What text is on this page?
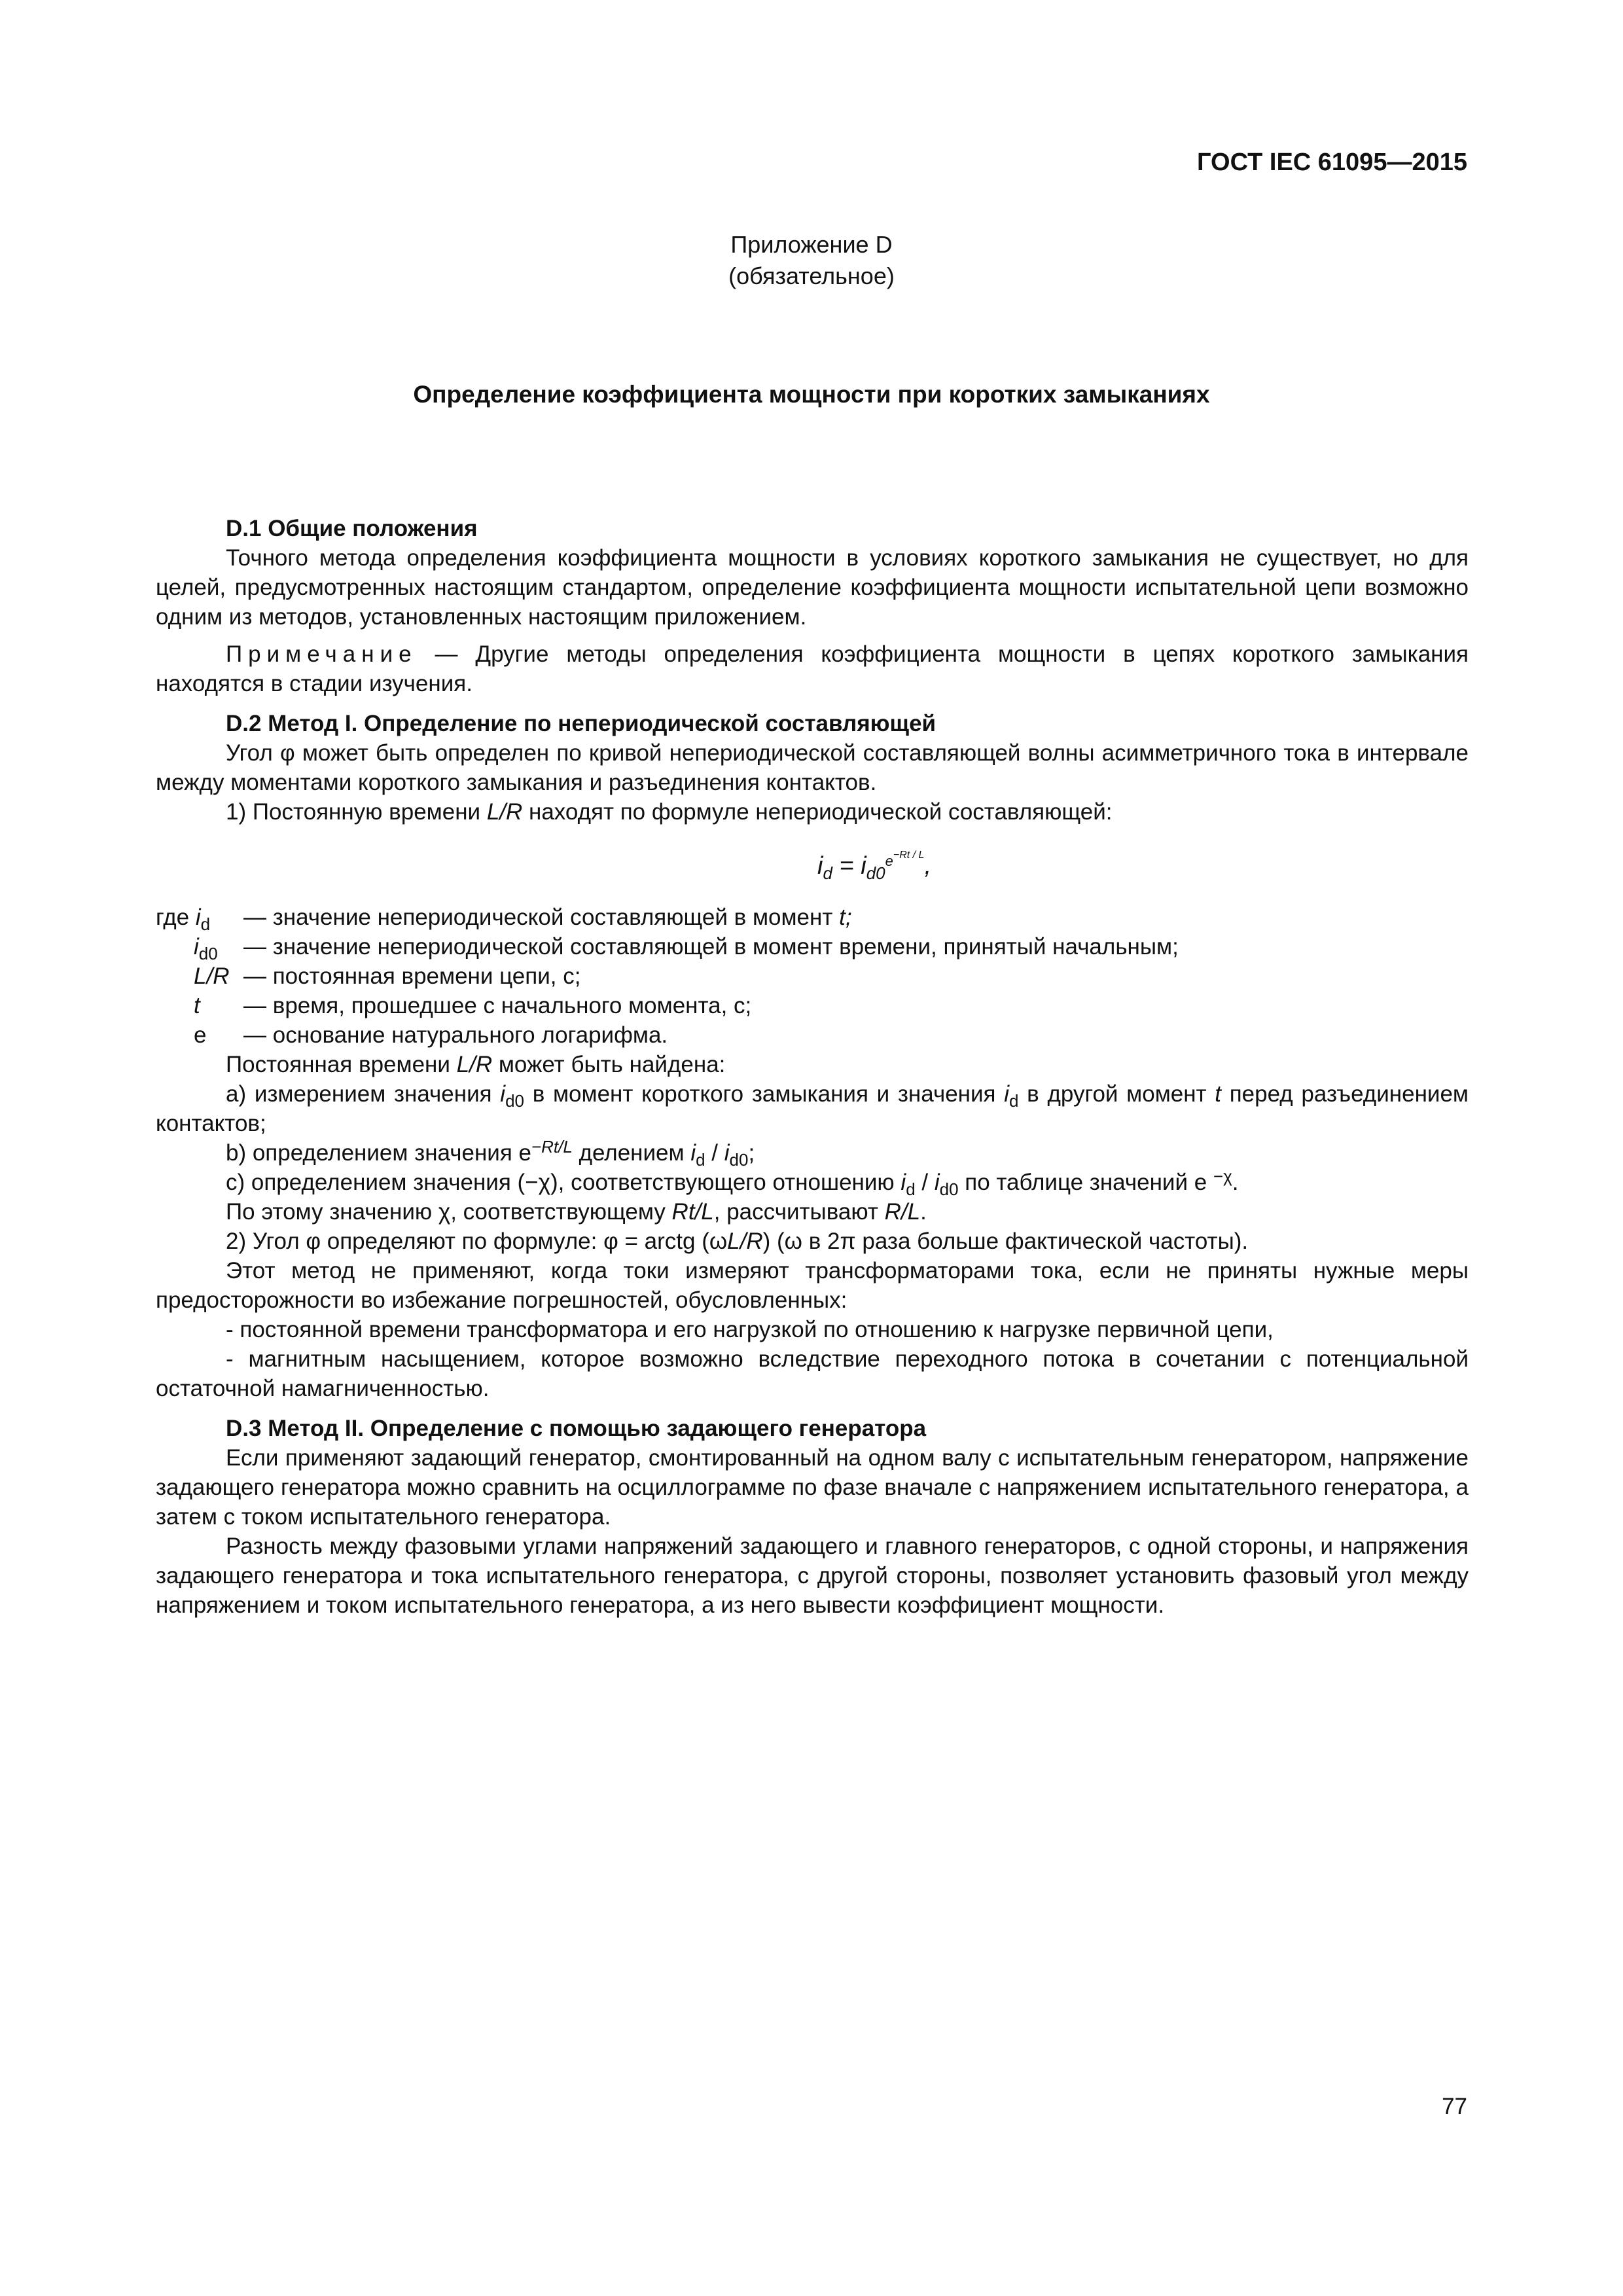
ГОСТ IEC 61095—2015
Приложение D
(обязательное)
Определение коэффициента мощности при коротких замыканиях
D.1 Общие положения
Точного метода определения коэффициента мощности в условиях короткого замыкания не существует, но для целей, предусмотренных настоящим стандартом, определение коэффициента мощности испытательной цепи возможно одним из методов, установленных настоящим приложением.
Примечание — Другие методы определения коэффициента мощности в цепях короткого замыкания находятся в стадии изучения.
D.2 Метод I. Определение по непериодической составляющей
Угол φ может быть определен по кривой непериодической составляющей волны асимметричного тока в интервале между моментами короткого замыкания и разъединения контактов.
1) Постоянную времени L/R находят по формуле непериодической составляющей:
$i_d = i_{d0}^{e^{-Rt / L}}$,
где $i_d$	— значение непериодической составляющей в момент t;
$i_{d0}$	— значение непериодической составляющей в момент времени, принятый начальным;
L/R — постоянная времени цепи, с;
t	— время, прошедшее с начального момента, с;
e	— основание натурального логарифма.
Постоянная времени L/R может быть найдена:
а) измерением значения $i_{d0}$ в момент короткого замыкания и значения $i_d$ в другой момент t перед разъединением контактов;
b) определением значения $e^{-Rt/L}$ делением $i_d / i_{d0}$;
c) определением значения (−χ), соответствующего отношению $i_d / i_{d0}$ по таблице значений e $^{-\chi}$.
По этому значению χ, соответствующему Rt/L, рассчитывают R/L.
2) Угол φ определяют по формуле: φ = arctg (ωL/R) (ω в 2π раза больше фактической частоты).
Этот метод не применяют, когда токи измеряют трансформаторами тока, если не приняты нужные меры предосторожности во избежание погрешностей, обусловленных:
- постоянной времени трансформатора и его нагрузкой по отношению к нагрузке первичной цепи,
- магнитным насыщением, которое возможно вследствие переходного потока в сочетании с потенциальной остаточной намагниченностью.
D.3 Метод II. Определение с помощью задающего генератора
Если применяют задающий генератор, смонтированный на одном валу с испытательным генератором, напряжение задающего генератора можно сравнить на осциллограмме по фазе вначале с напряжением испытательного генератора, а затем с током испытательного генератора.
Разность между фазовыми углами напряжений задающего и главного генераторов, с одной стороны, и напряжения задающего генератора и тока испытательного генератора, с другой стороны, позволяет установить фазовый угол между напряжением и током испытательного генератора, а из него вывести коэффициент мощности.
77
